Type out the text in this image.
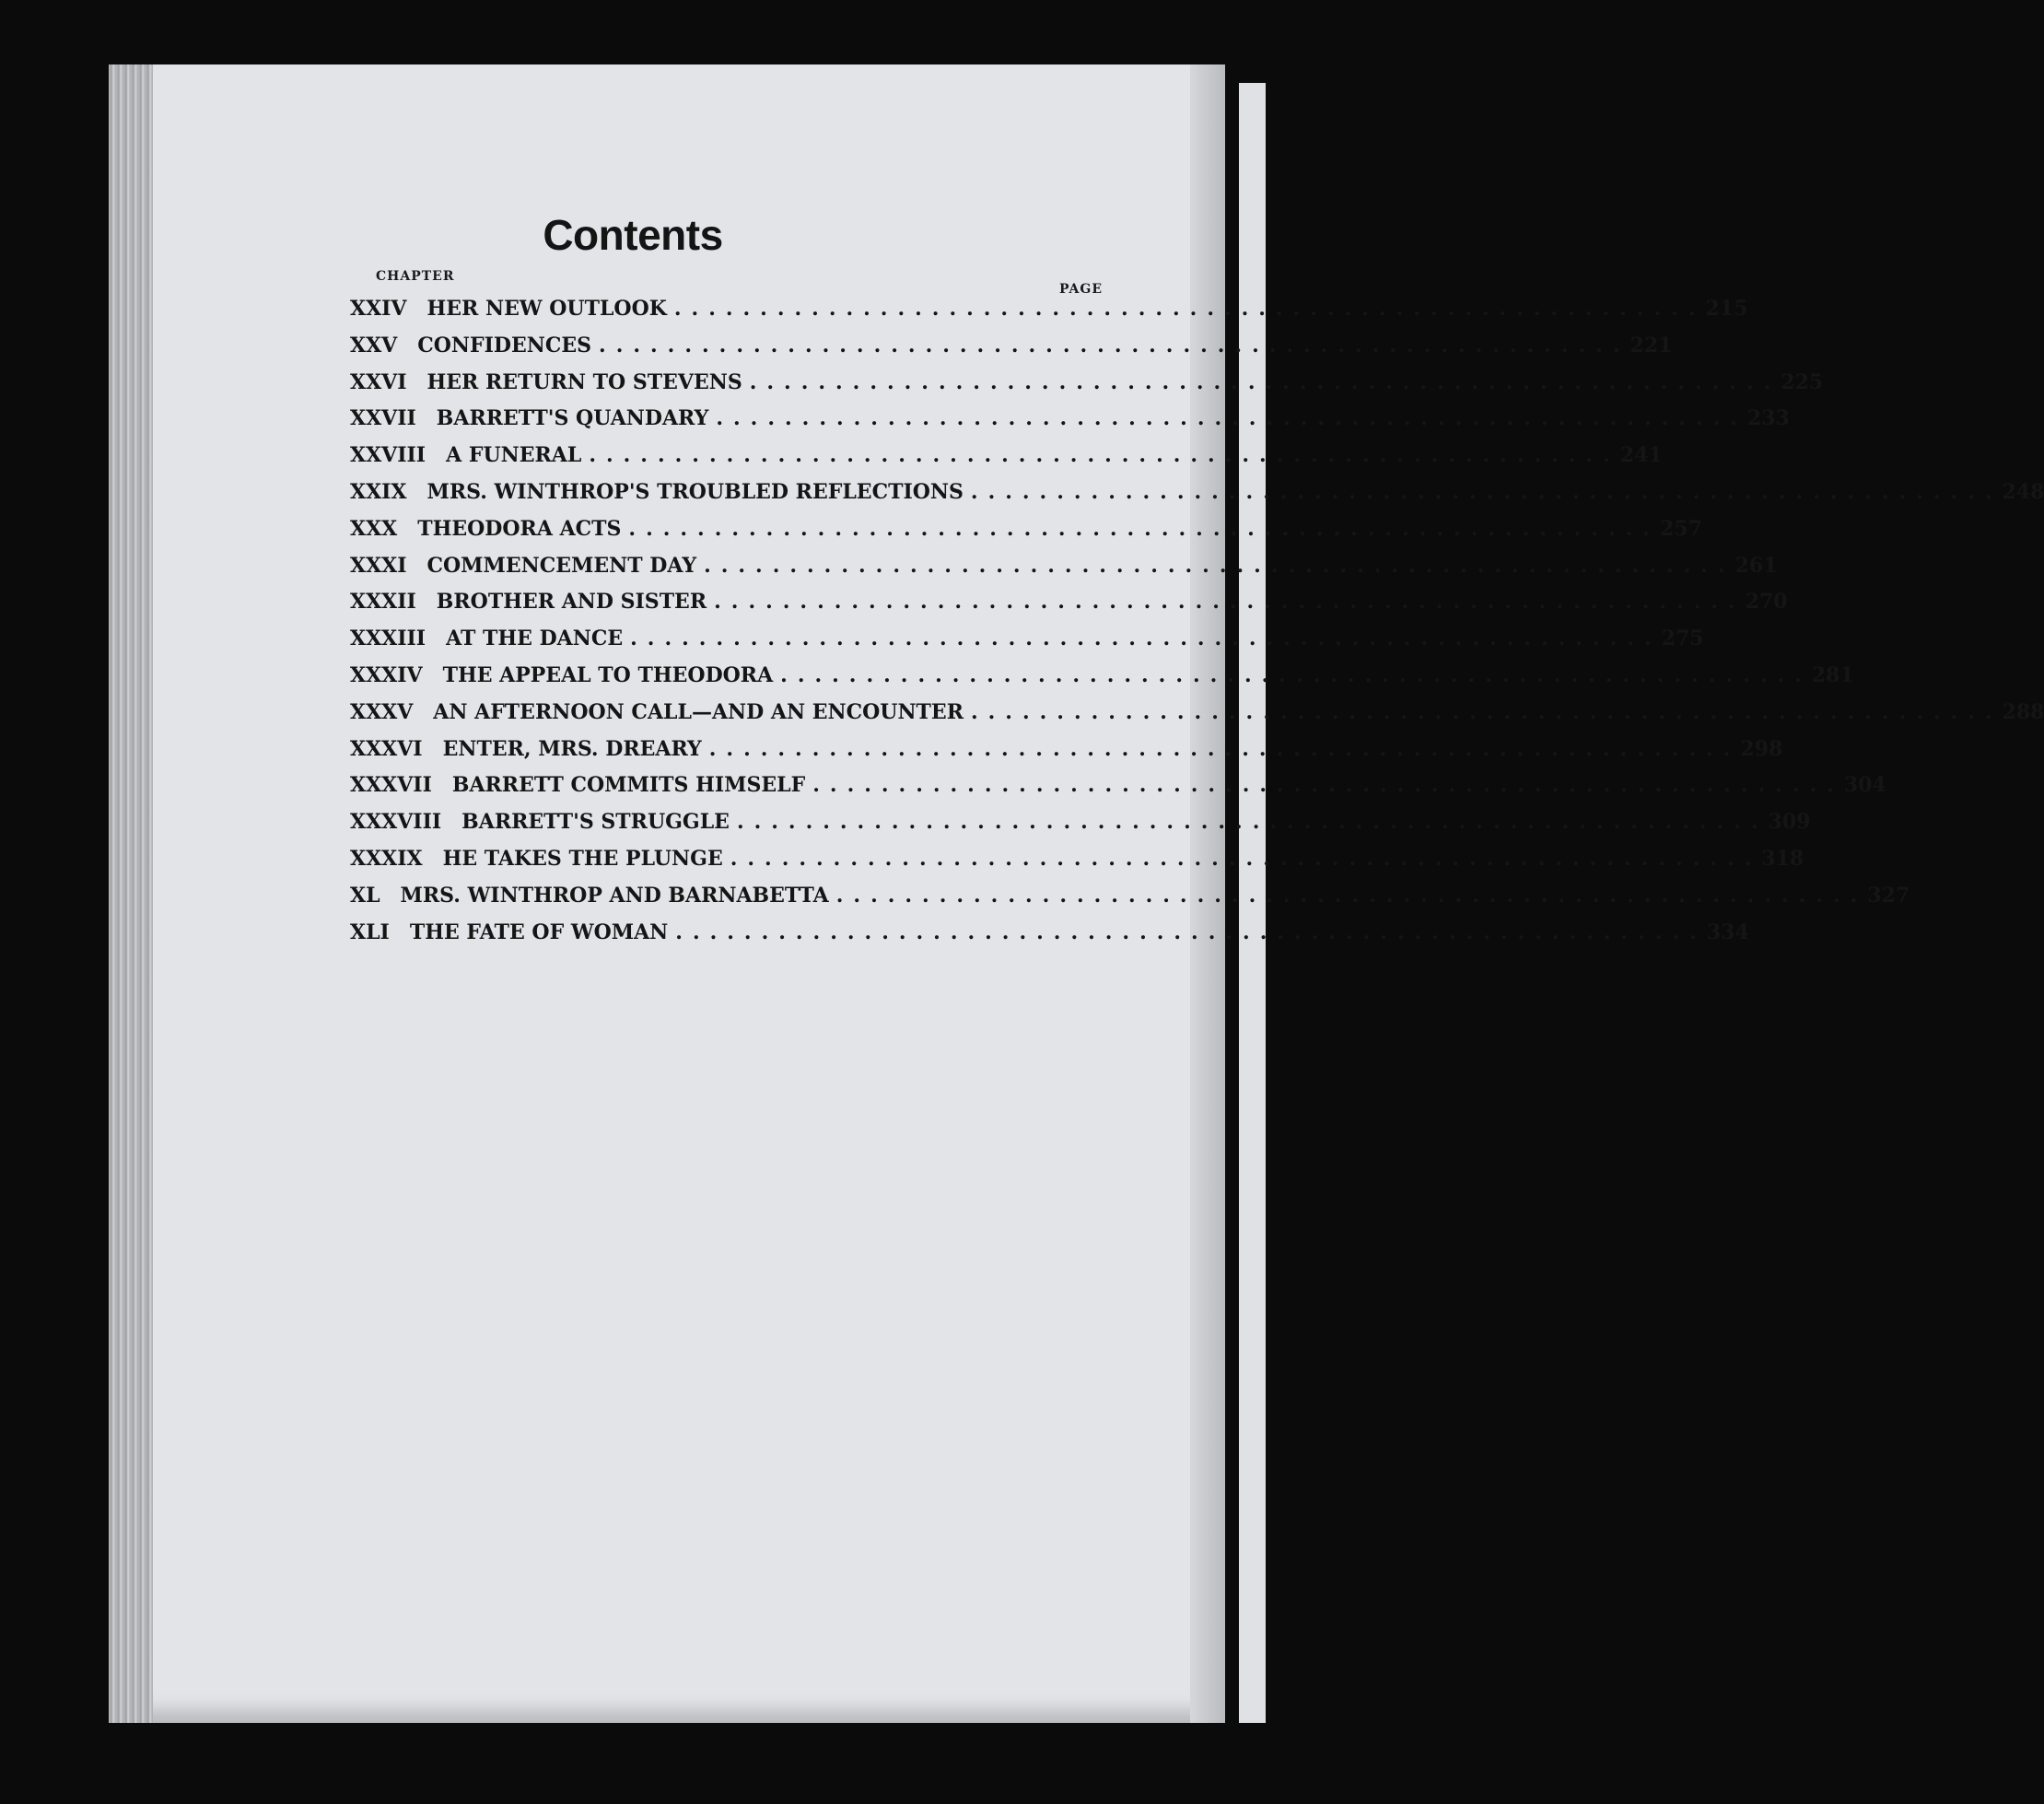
Contents
CHAPTER
PAGE
XXIV	HER NEW OUTLOOK ............................................................ 215
XXV	CONFIDENCES ............................................................ 221
XXVI	HER RETURN TO STEVENS ............................................................ 225
XXVII	BARRETT'S QUANDARY ............................................................ 233
XXVIII	A FUNERAL ............................................................ 241
XXIX	MRS. WINTHROP'S TROUBLED REFLECTIONS ............................................................ 248
XXX	THEODORA ACTS ............................................................ 257
XXXI	COMMENCEMENT DAY ............................................................ 261
XXXII	BROTHER AND SISTER ............................................................ 270
XXXIII	AT THE DANCE ............................................................ 275
XXXIV	THE APPEAL TO THEODORA ............................................................ 281
XXXV	AN AFTERNOON CALL—AND AN ENCOUNTER ............................................................ 288
XXXVI	ENTER, MRS. DREARY ............................................................ 298
XXXVII	BARRETT COMMITS HIMSELF ............................................................ 304
XXXVIII	BARRETT'S STRUGGLE ............................................................ 309
XXXIX	HE TAKES THE PLUNGE ............................................................ 318
XL	MRS. WINTHROP AND BARNABETTA ............................................................ 327
XLI	THE FATE OF WOMAN ............................................................ 334
